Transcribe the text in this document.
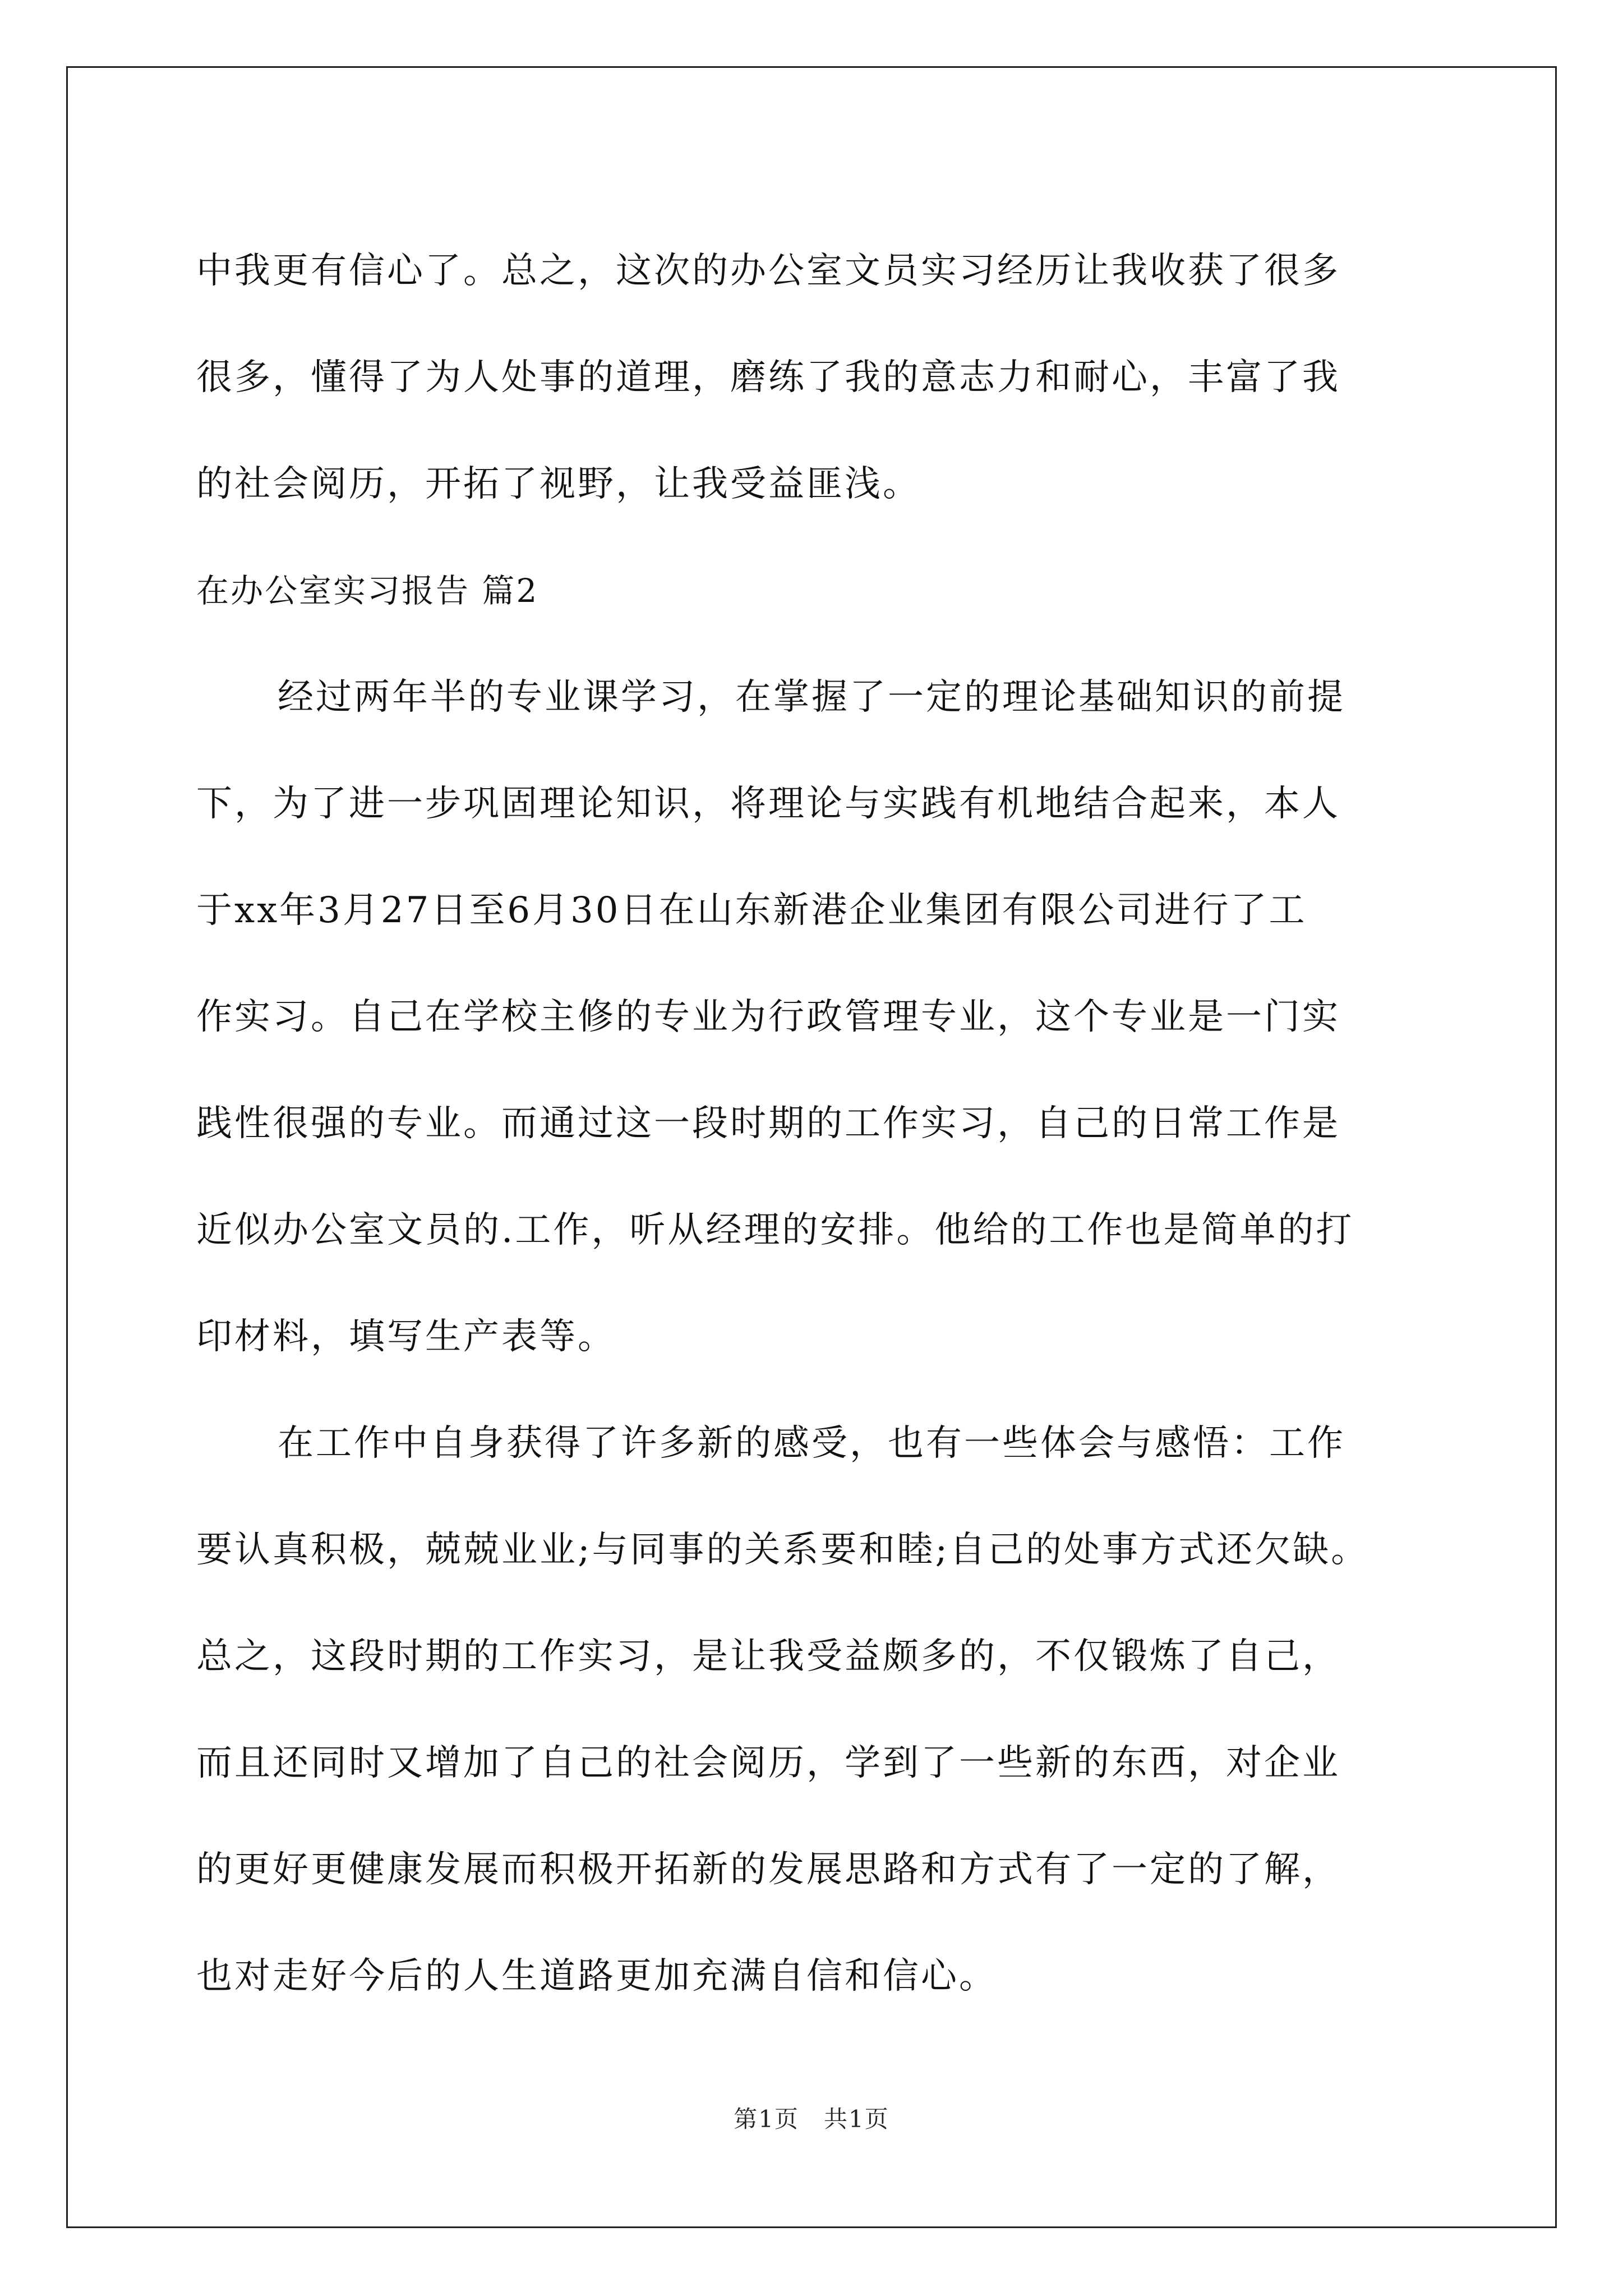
中我更有信心了。总之，这次的办公室文员实习经历让我收获了很多
很多，懂得了为人处事的道理，磨练了我的意志力和耐心，丰富了我
的社会阅历，开拓了视野，让我受益匪浅。
在办公室实习报告 篇2
经过两年半的专业课学习，在掌握了一定的理论基础知识的前提
下，为了进一步巩固理论知识，将理论与实践有机地结合起来，本人
于xx年3月27日至6月30日在山东新港企业集团有限公司进行了工
作实习。自己在学校主修的专业为行政管理专业，这个专业是一门实
践性很强的专业。而通过这一段时期的工作实习，自己的日常工作是
近似办公室文员的.工作，听从经理的安排。他给的工作也是简单的打
印材料，填写生产表等。
在工作中自身获得了许多新的感受，也有一些体会与感悟：工作
要认真积极，兢兢业业;与同事的关系要和睦;自己的处事方式还欠缺。
总之，这段时期的工作实习，是让我受益颇多的，不仅锻炼了自己，
而且还同时又增加了自己的社会阅历，学到了一些新的东西，对企业
的更好更健康发展而积极开拓新的发展思路和方式有了一定的了解，
也对走好今后的人生道路更加充满自信和信心。
第1页　共1页
